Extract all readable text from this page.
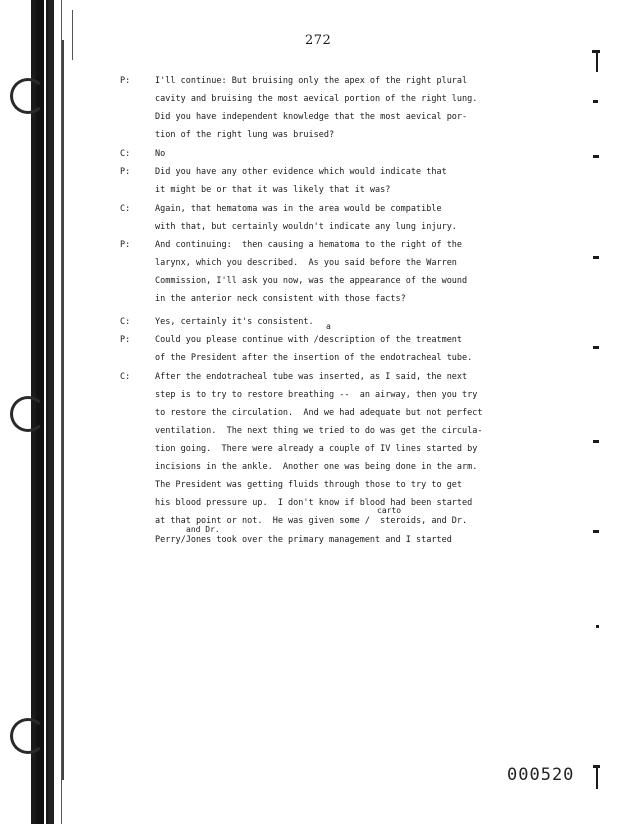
272
P:
C:
P:
C:
P:
C:
P:
C:
I'll continue: But bruising only the apex of the right plural
cavity and bruising the most aevical portion of the right lung.
Did you have independent knowledge that the most aevical por-
tion of the right lung was bruised?
No
Did you have any other evidence which would indicate that
it might be or that it was likely that it was?
Again, that hematoma was in the area would be compatible
with that, but certainly wouldn't indicate any lung injury.
And continuing:  then causing a hematoma to the right of the
larynx, which you described.  As you said before the Warren
Commission, I'll ask you now, was the appearance of the wound
in the anterior neck consistent with those facts?
Yes, certainly it's consistent. a
Could you please continue with /description of the treatment
of the President after the insertion of the endotracheal tube.
After the endotracheal tube was inserted, as I said, the next
step is to try to restore breathing --  an airway, then you try
to restore the circulation.  And we had adequate but not perfect
ventilation.  The next thing we tried to do was get the circula-
tion going.  There were already a couple of IV lines started by
incisions in the ankle.  Another one was being done in the arm.
The President was getting fluids through those to try to get
his blood pressure up.  I don't know if blood had been started
carto
at that point or not.  He was given some /  steroids, and Dr.
and Dr.
Perry/Jones took over the primary management and I started
000520
